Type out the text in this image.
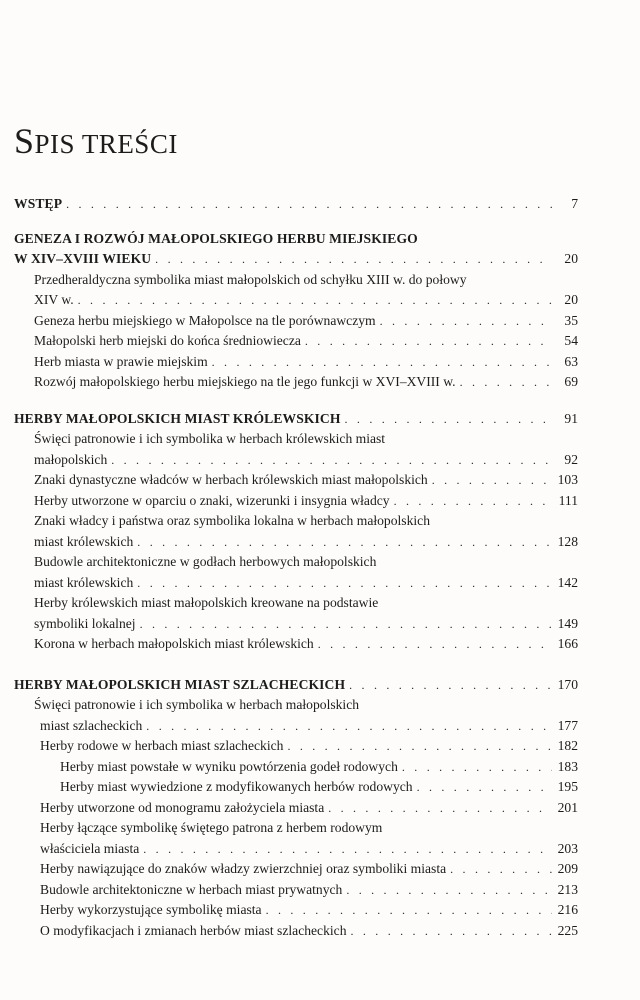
SPIS TREŚCI
WSTĘP . . .	7
GENEZA I ROZWÓJ MAŁOPOLSKIEGO HERBU MIEJSKIEGO
W XIV–XVIII WIEKU . . .	20
Przedheraldyczna symbolika miast małopolskich od schyłku XIII w. do połowy
XIV w. . . .	20
Geneza herbu miejskiego w Małopolsce na tle porównawczym . . .	35
Małopolski herb miejski do końca średniowiecza . . .	54
Herb miasta w prawie miejskim . . .	63
Rozwój małopolskiego herbu miejskiego na tle jego funkcji w XVI–XVIII w. . . .	69
HERBY MAŁOPOLSKICH MIAST KRÓLEWSKICH . . .	91
Święci patronowie i ich symbolika w herbach królewskich miast
małopolskich . . .	92
Znaki dynastyczne władców w herbach królewskich miast małopolskich . . .	103
Herby utworzone w oparciu o znaki, wizerunki i insygnia władcy . . .	111
Znaki władcy i państwa oraz symbolika lokalna w herbach małopolskich
miast królewskich . . .	128
Budowle architektoniczne w godłach herbowych małopolskich
miast królewskich . . .	142
Herby królewskich miast małopolskich kreowane na podstawie
symboliki lokalnej . . .	149
Korona w herbach małopolskich miast królewskich . . .	166
HERBY MAŁOPOLSKICH MIAST SZLACHECKICH . . .	170
Święci patronowie i ich symbolika w herbach małopolskich
miast szlacheckich . . .	177
Herby rodowe w herbach miast szlacheckich . . .	182
Herby miast powstałe w wyniku powtórzenia godeł rodowych . . .	183
Herby miast wywiedzione z modyfikowanych herbów rodowych . . .	195
Herby utworzone od monogramu założyciela miasta . . .	201
Herby łączące symbolikę świętego patrona z herbem rodowym
właściciela miasta . . .	203
Herby nawiązujące do znaków władzy zwierzchniej oraz symboliki miasta . . .	209
Budowle architektoniczne w herbach miast prywatnych . . .	213
Herby wykorzystujące symbolikę miasta . . .	216
O modyfikacjach i zmianach herbów miast szlacheckich . . .	225
